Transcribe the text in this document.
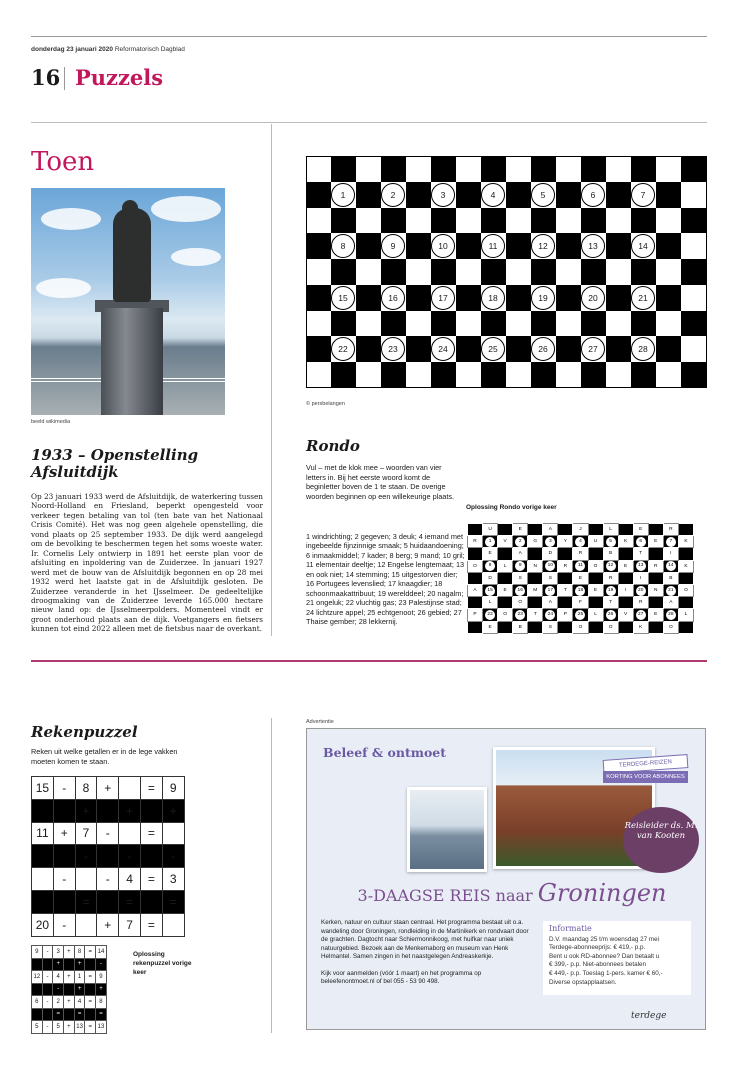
donderdag 23 januari 2020 Reformatorisch Dagblad
16 Puzzels
Toen
beeld wikimedia
1933 – Openstelling Afsluitdijk
Op 23 januari 1933 werd de Afsluitdijk, de waterkering tussen Noord-Holland en Friesland, beperkt opengesteld voor verkeer tegen betaling van tol (ten bate van het Nationaal Crisis Comité). Het was nog geen algehele openstelling, die vond plaats op 25 september 1933. De dijk werd aangelegd om de bevolking te beschermen tegen het soms woeste water. Ir. Cornelis Lely ontwierp in 1891 het eerste plan voor de afsluiting en inpoldering van de Zuiderzee. In januari 1927 werd met de bouw van de Afsluitdijk begonnen en op 28 mei 1932 werd het laatste gat in de Afsluitdijk gesloten. De Zuiderzee veranderde in het IJsselmeer. De gedeeltelijke droogmaking van de Zuiderzee leverde 165.000 hectare nieuw land op: de IJsselmeerpolders. Momenteel vindt er groot onderhoud plaats aan de dijk. Voetgangers en fietsers kunnen tot eind 2022 alleen met de fietsbus naar de overkant.
1	2	3	4	5	6	7
8	9	10	11	12	13	14
15	16	17	18	19	20	21
22	23	24	25	26	27	28
© persbelangen
Rondo
Vul – met de klok mee – woorden van vier letters in. Bij het eerste woord komt de beginletter boven de 1 te staan. De overige woorden beginnen op een willekeurige plaats.
1 windrichting; 2 gegeven; 3 deuk; 4 iemand met ingebeelde fijnzinnige smaak; 5 huidaandoening; 6 inmaakmiddel; 7 kader; 8 berg; 9 mand; 10 gril; 11 elementair deeltje; 12 Engelse lengtemaat; 13 en ook niet; 14 stemming; 15 uitgestorven dier; 16 Portugees levenslied; 17 knaagdier; 18 schoonmaakattribuut; 19 werelddeel; 20 nagalm; 21 ongeluk; 22 vluchtig gas; 23 Palestijnse stad; 24 lichtzure appel; 25 echtgenoot; 26 gebied; 27 Thaise gember; 28 lekkernij.
Oplossing Rondo vorige keer
	U		E		A		J		L		E		R	
R	1	V	2	G	3	Y	4	U	5	K	6	E	7	K
	E		A		D		R		B		T		I	
O	8	L	9	N	10	R	11	O	12	E	13	R	14	K
	D		S		S		E		R		I		B	
A	15	E	16	M	17	T	18	E	19	I	20	N	21	O
	L		O		A		F		T		R		A	
P	22	O	23	T	24	P	25	L	26	V	27	E	28	L
	E		B		S		O		O		K		O	
Rekenpuzzel
Reken uit welke getallen er in de lege vakken moeten komen te staan.
15	-	8	+		=	9
		+		+		+
11	+	7	-		=	
		-		-		-
	-		-	4	=	3
		=		=		=
20	-		+	7	=	
9	-	3	+	8	=	14
		+		+		-
12	-	4	+	1	=	9
		-		+		+
6	-	2	+	4	=	8
		=		=		=
5	-	5	+	13	=	13
Oplossing rekenpuzzel vorige keer
Advertentie
Beleef & ontmoet
TERDEGE-REIZEN
KORTING VOOR ABONNEES
Reisleider ds. M. van Kooten
3-DAAGSE REIS naar Groningen

Kerken, natuur en cultuur staan centraal. Het programma bestaat uit o.a. wandeling door Groningen, rondleiding in de Martinikerk en rondvaart door de grachten. Dagtocht naar Schiermonnikoog, met huifkar naar uniek natuurgebied. Bezoek aan de Menkemaborg en museum van Henk Helmantel. Samen zingen in het naastgelegen Andreaskerkje.

Kijk voor aanmelden (vóór 1 maart) en het programma op beleefenontmoet.nl of bel 055 - 53 90 498.

Informatie
D.V. maandag 25 t/m woensdag 27 mei
Terdege-abonneeprijs: € 419,- p.p.
Bent u ook RD-abonnee? Dan betaalt u
€ 399,- p.p. Niet-abonnees betalen
€ 449,- p.p. Toeslag 1-pers. kamer € 60,-
Diverse opstapplaatsen.
terdege
